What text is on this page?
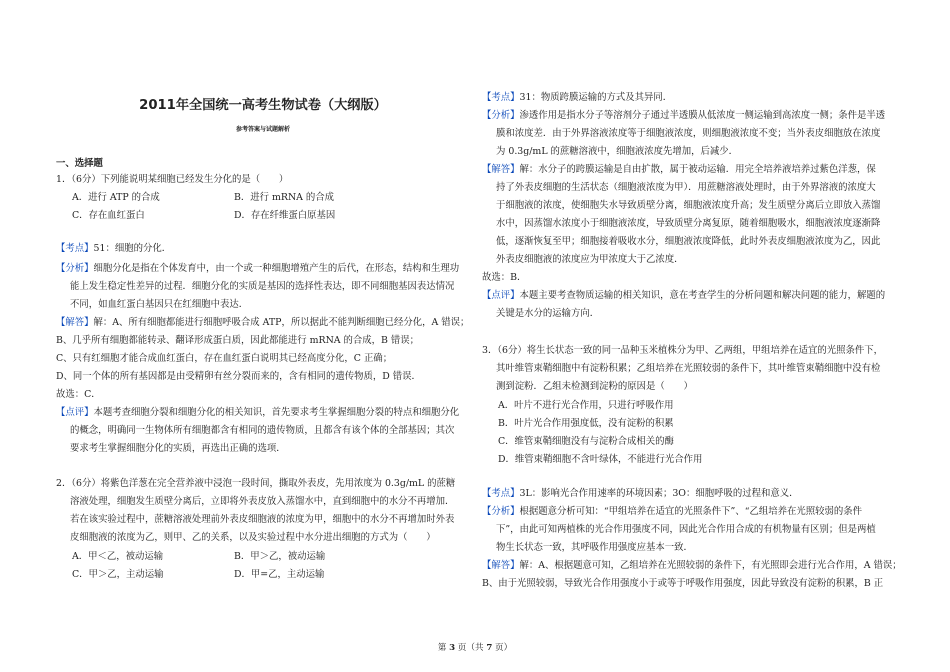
2011年全国统一高考生物试卷（大纲版）
参考答案与试题解析
一、选择题
1．（6分）下列能说明某细胞已经发生分化的是（　　）
A．进行 ATP 的合成	B．进行 mRNA 的合成
C．存在血红蛋白	D．存在纤维蛋白原基因
【考点】51：细胞的分化．
【分析】细胞分化是指在个体发育中，由一个或一种细胞增殖产生的后代，在形态，结构和生理功
能上发生稳定性差异的过程．细胞分化的实质是基因的选择性表达，即不同细胞基因表达情况
不同，如血红蛋白基因只在红细胞中表达．
【解答】解：A、所有细胞都能进行细胞呼吸合成 ATP，所以据此不能判断细胞已经分化，A 错误；
B、几乎所有细胞都能转录、翻译形成蛋白质，因此都能进行 mRNA 的合成，B 错误；
C、只有红细胞才能合成血红蛋白，存在血红蛋白说明其已经高度分化，C 正确；
D、同一个体的所有基因都是由受精卵有丝分裂而来的，含有相同的遗传物质，D 错误．
故选：C．
【点评】本题考查细胞分裂和细胞分化的相关知识，首先要求考生掌握细胞分裂的特点和细胞分化
的概念，明确同一生物体所有细胞都含有相同的遗传物质，且都含有该个体的全部基因；其次
要求考生掌握细胞分化的实质，再选出正确的选项．
2．（6分）将紫色洋葱在完全营养液中浸泡一段时间，撕取外表皮，先用浓度为 0.3g/mL 的蔗糖
溶液处理，细胞发生质壁分离后，立即将外表皮放入蒸馏水中，直到细胞中的水分不再增加．
若在该实验过程中，蔗糖溶液处理前外表皮细胞液的浓度为甲，细胞中的水分不再增加时外表
皮细胞液的浓度为乙，则甲、乙的关系，以及实验过程中水分进出细胞的方式为（　　）
A．甲＜乙，被动运输	B．甲＞乙，被动运输
C．甲＞乙，主动运输	D．甲=乙，主动运输
【考点】31：物质跨膜运输的方式及其异同．
【分析】渗透作用是指水分子等溶剂分子通过半透膜从低浓度一侧运输到高浓度一侧；条件是半透
膜和浓度差．由于外界溶液浓度等于细胞液浓度，则细胞液浓度不变；当外表皮细胞放在浓度
为 0.3g/mL 的蔗糖溶液中，细胞液浓度先增加，后减少．
【解答】解：水分子的跨膜运输是自由扩散，属于被动运输．用完全培养液培养过紫色洋葱，保
持了外表皮细胞的生活状态（细胞液浓度为甲）．用蔗糖溶液处理时，由于外界溶液的浓度大
于细胞液的浓度，使细胞失水导致质壁分离，细胞液浓度升高；发生质壁分离后立即放入蒸馏
水中，因蒸馏水浓度小于细胞液浓度，导致质壁分离复原，随着细胞吸水，细胞液浓度逐渐降
低，逐渐恢复至甲；细胞接着吸收水分，细胞液浓度降低，此时外表皮细胞液浓度为乙，因此
外表皮细胞液的浓度应为甲浓度大于乙浓度．
故选：B．
【点评】本题主要考查物质运输的相关知识，意在考查学生的分析问题和解决问题的能力，解题的
关键是水分的运输方向．
3．（6分）将生长状态一致的同一品种玉米植株分为甲、乙两组，甲组培养在适宜的光照条件下，
其叶维管束鞘细胞中有淀粉积累；乙组培养在光照较弱的条件下，其叶维管束鞘细胞中没有检
测到淀粉．乙组未检测到淀粉的原因是（　　）
A．叶片不进行光合作用，只进行呼吸作用
B．叶片光合作用强度低，没有淀粉的积累
C．维管束鞘细胞没有与淀粉合成相关的酶
D．维管束鞘细胞不含叶绿体，不能进行光合作用
【考点】3L：影响光合作用速率的环境因素；3O：细胞呼吸的过程和意义．
【分析】根据题意分析可知：“甲组培养在适宜的光照条件下”、“乙组培养在光照较弱的条件
下”，由此可知两植株的光合作用强度不同，因此光合作用合成的有机物量有区别；但是两植
物生长状态一致，其呼吸作用强度应基本一致．
【解答】解：A、根据题意可知，乙组培养在光照较弱的条件下，有光照即会进行光合作用，A 错误；
B、由于光照较弱，导致光合作用强度小于或等于呼吸作用强度，因此导致没有淀粉的积累，B 正
第 3 页（共 7 页）
